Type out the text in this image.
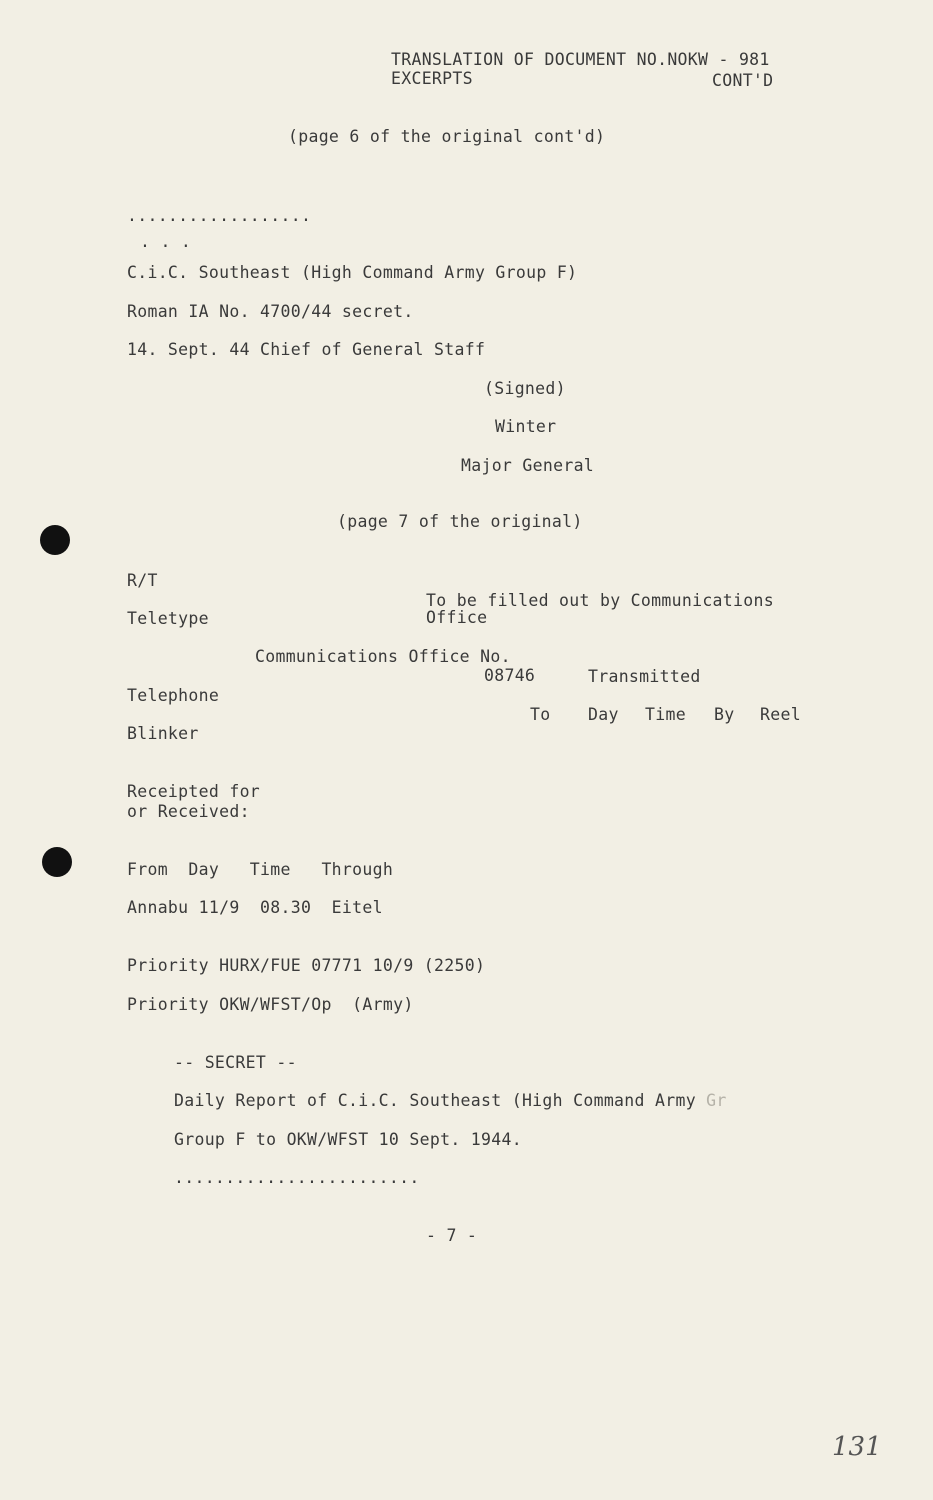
TRANSLATION OF DOCUMENT NO.NOKW - 981
EXCERPTS	CONT'D
(page 6 of the original cont'd)
..................
. . .
C.i.C. Southeast (High Command Army Group F)
Roman IA No. 4700/44 secret.
14. Sept. 44 Chief of General Staff
(Signed)
Winter
Major General
(page 7 of the original)
R/T
To be filled out by Communications
Office
Teletype
Communications Office No.
08746	Transmitted
Telephone
To Day Time By Reel
Blinker
Receipted for
or Received:
From  Day   Time   Through
Annabu 11/9  08.30  Eitel
Priority HURX/FUE 07771 10/9 (2250)
Priority OKW/WFST/Op  (Army)
-- SECRET --
Daily Report of C.i.C. Southeast (High Command Army Gr
Group F to OKW/WFST 10 Sept. 1944.
........................
- 7 -
131
